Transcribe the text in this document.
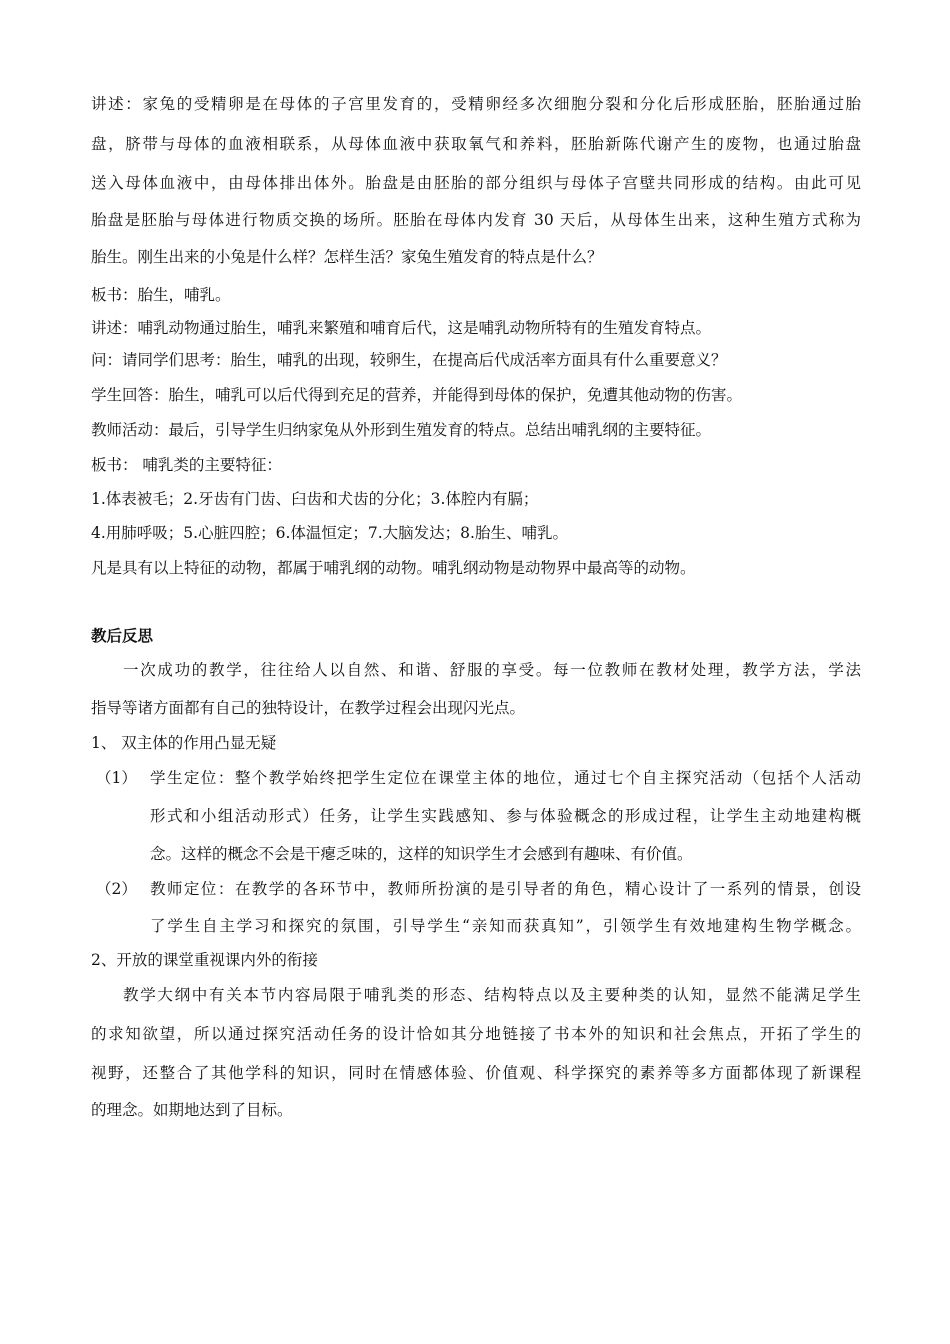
讲述：家兔的受精卵是在母体的子宫里发育的，受精卵经多次细胞分裂和分化后形成胚胎，胚胎通过胎
盘，脐带与母体的血液相联系，从母体血液中获取氧气和养料，胚胎新陈代谢产生的废物，也通过胎盘
送入母体血液中，由母体排出体外。胎盘是由胚胎的部分组织与母体子宫壁共同形成的结构。由此可见
胎盘是胚胎与母体进行物质交换的场所。胚胎在母体内发育 30 天后，从母体生出来，这种生殖方式称为
胎生。刚生出来的小兔是什么样？怎样生活？家兔生殖发育的特点是什么？
板书：胎生，哺乳。
讲述：哺乳动物通过胎生，哺乳来繁殖和哺育后代，这是哺乳动物所特有的生殖发育特点。
问：请同学们思考：胎生，哺乳的出现，较卵生，在提高后代成活率方面具有什么重要意义？
学生回答：胎生，哺乳可以后代得到充足的营养，并能得到母体的保护，免遭其他动物的伤害。
教师活动：最后，引导学生归纳家兔从外形到生殖发育的特点。总结出哺乳纲的主要特征。
板书： 哺乳类的主要特征：
1.体表被毛；2.牙齿有门齿、臼齿和犬齿的分化；3.体腔内有膈；
4.用肺呼吸；5.心脏四腔；6.体温恒定；7.大脑发达；8.胎生、哺乳。
凡是具有以上特征的动物，都属于哺乳纲的动物。哺乳纲动物是动物界中最高等的动物。
教后反思
一次成功的教学，往往给人以自然、和谐、舒服的享受。每一位教师在教材处理，教学方法，学法
指导等诸方面都有自己的独特设计，在教学过程会出现闪光点。
1、 双主体的作用凸显无疑
（1） 学生定位：整个教学始终把学生定位在课堂主体的地位，通过七个自主探究活动（包括个人活动
形式和小组活动形式）任务，让学生实践感知、参与体验概念的形成过程，让学生主动地建构概
念。这样的概念不会是干瘪乏味的，这样的知识学生才会感到有趣味、有价值。
（2） 教师定位：在教学的各环节中，教师所扮演的是引导者的角色，精心设计了一系列的情景，创设
了学生自主学习和探究的氛围，引导学生“亲知而获真知”，引领学生有效地建构生物学概念。
2、开放的课堂重视课内外的衔接
教学大纲中有关本节内容局限于哺乳类的形态、结构特点以及主要种类的认知，显然不能满足学生
的求知欲望，所以通过探究活动任务的设计恰如其分地链接了书本外的知识和社会焦点，开拓了学生的
视野，还整合了其他学科的知识，同时在情感体验、价值观、科学探究的素养等多方面都体现了新课程
的理念。如期地达到了目标。
